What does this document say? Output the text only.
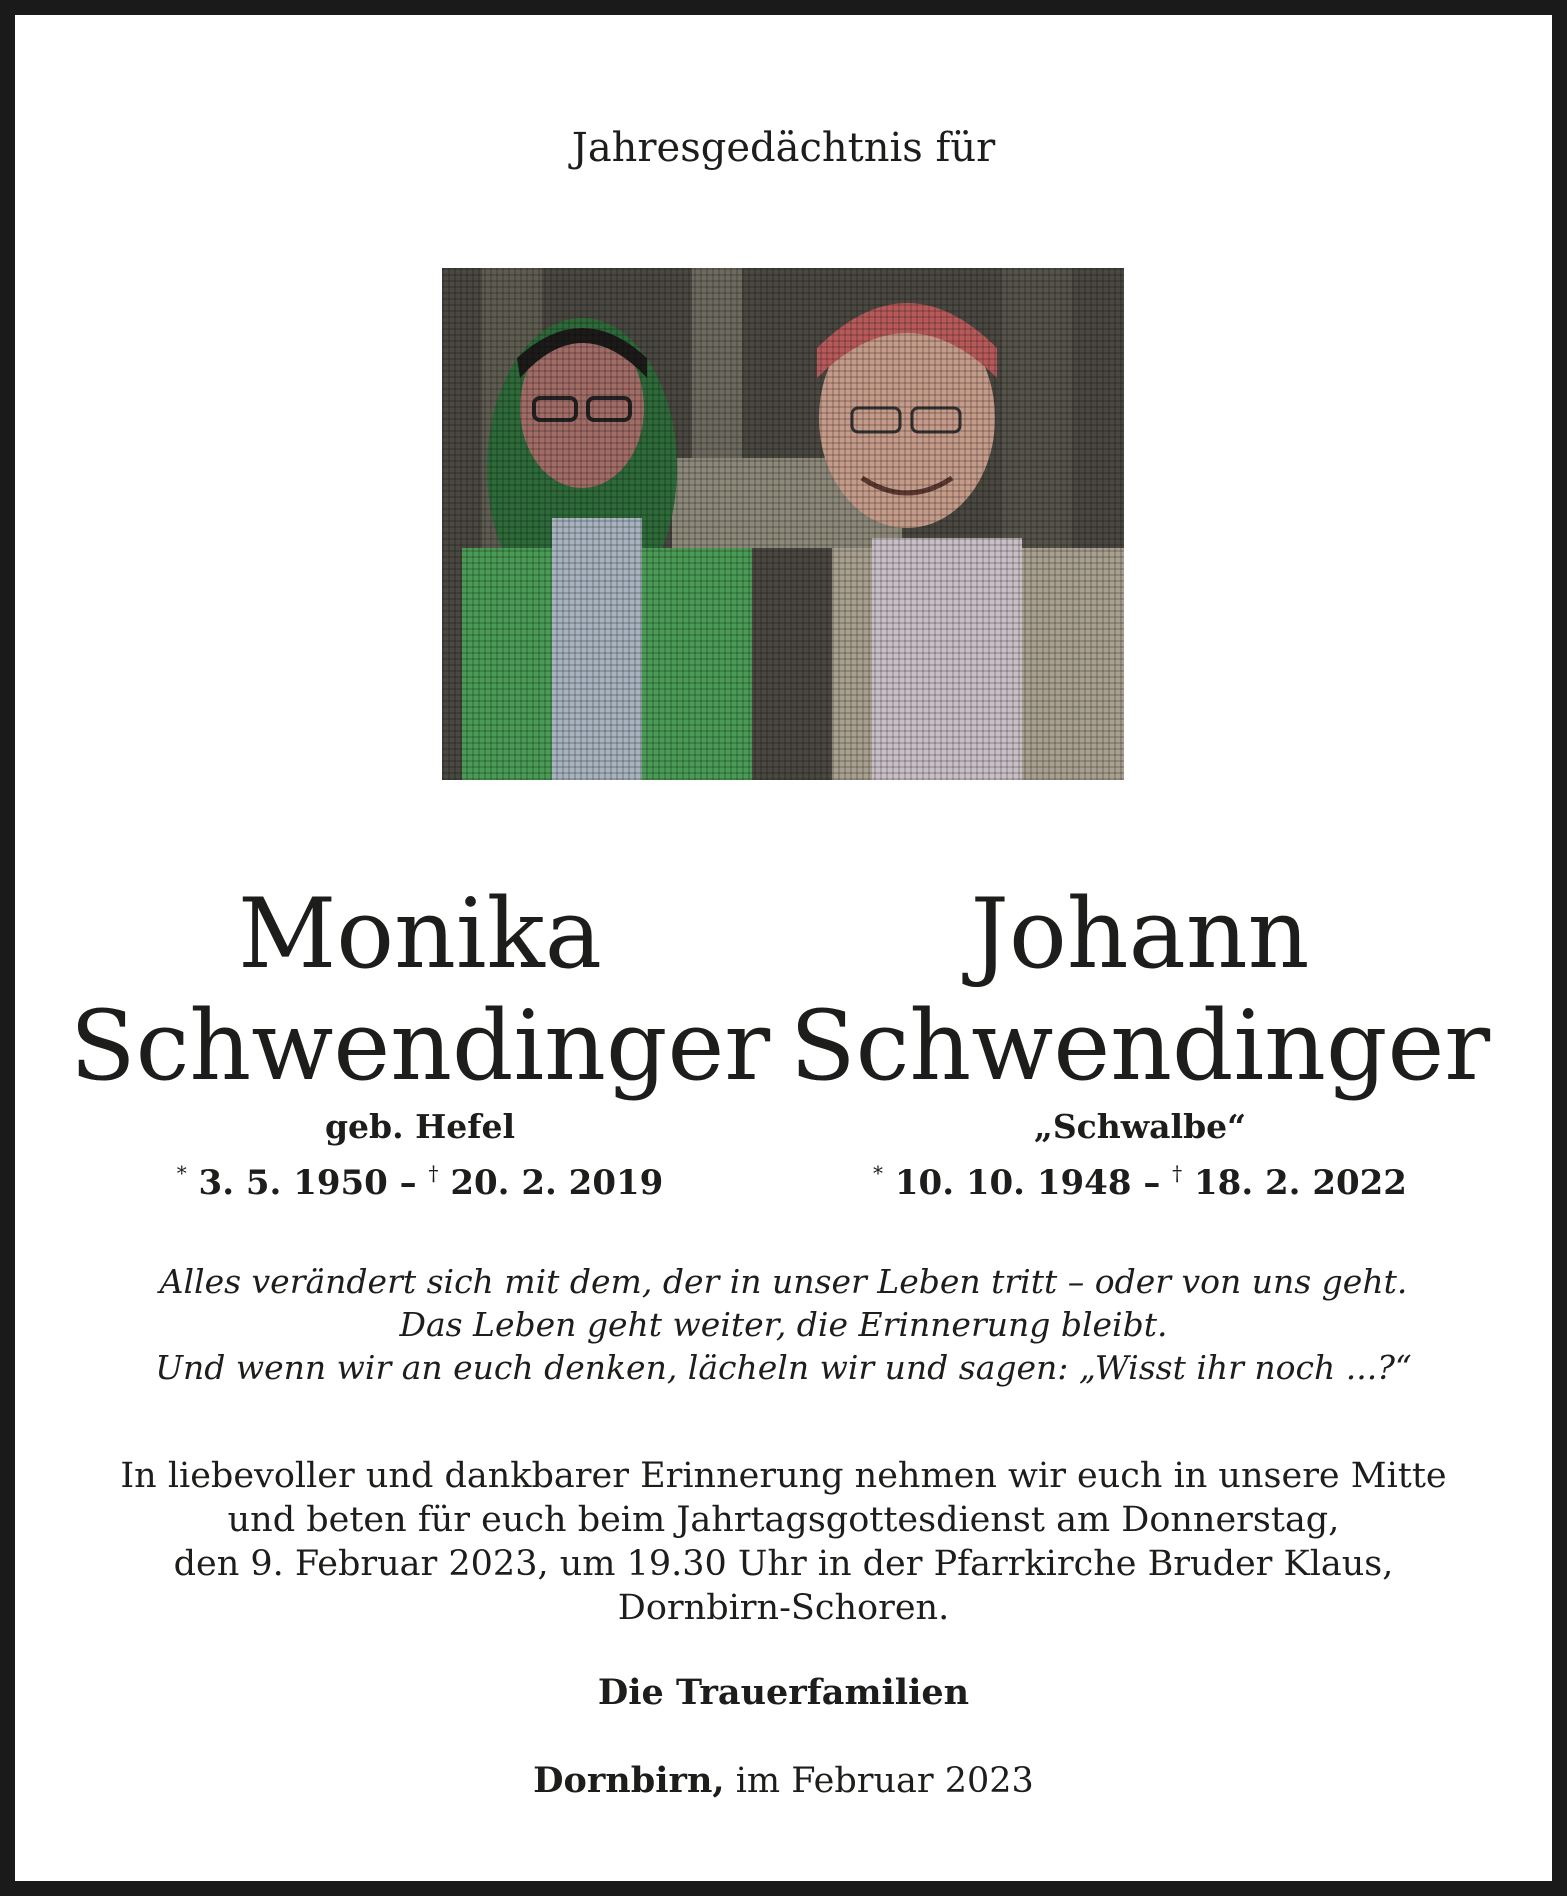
Jahresgedächtnis für
Monika
Schwendinger
geb. Hefel
* 3. 5. 1950 – † 20. 2. 2019
Johann
Schwendinger
„Schwalbe“
* 10. 10. 1948 – † 18. 2. 2022
Alles verändert sich mit dem, der in unser Leben tritt – oder von uns geht.
Das Leben geht weiter, die Erinnerung bleibt.
Und wenn wir an euch denken, lächeln wir und sagen: „Wisst ihr noch ...?“
In liebevoller und dankbarer Erinnerung nehmen wir euch in unsere Mitte
und beten für euch beim Jahrtagsgottesdienst am Donnerstag,
den 9. Februar 2023, um 19.30 Uhr in der Pfarrkirche Bruder Klaus,
Dornbirn-Schoren.
Die Trauerfamilien
Dornbirn, im Februar 2023
